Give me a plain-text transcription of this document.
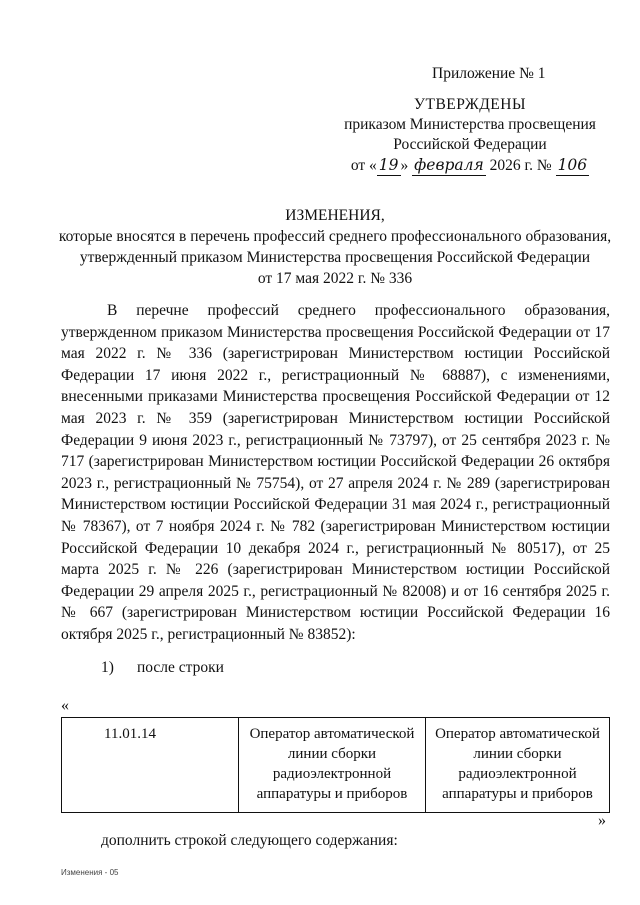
Приложение № 1
УТВЕРЖДЕНЫ
приказом Министерства просвещения
Российской Федерации
от « 19 » февраля 2026 г. № 106
ИЗМЕНЕНИЯ,
которые вносятся в перечень профессий среднего профессионального образования,
утвержденный приказом Министерства просвещения Российской Федерации
от 17 мая 2022 г. № 336
В перечне профессий среднего профессионального образования, утвержденном приказом Министерства просвещения Российской Федерации от 17 мая 2022 г. № 336 (зарегистрирован Министерством юстиции Российской Федерации 17 июня 2022 г., регистрационный № 68887), с изменениями, внесенными приказами Министерства просвещения Российской Федерации от 12 мая 2023 г. № 359 (зарегистрирован Министерством юстиции Российской Федерации 9 июня 2023 г., регистрационный № 73797), от 25 сентября 2023 г. № 717 (зарегистрирован Министерством юстиции Российской Федерации 26 октября 2023 г., регистрационный № 75754), от 27 апреля 2024 г. № 289 (зарегистрирован Министерством юстиции Российской Федерации 31 мая 2024 г., регистрационный № 78367), от 7 ноября 2024 г. № 782 (зарегистрирован Министерством юстиции Российской Федерации 10 декабря 2024 г., регистрационный № 80517), от 25 марта 2025 г. № 226 (зарегистрирован Министерством юстиции Российской Федерации 29 апреля 2025 г., регистрационный № 82008) и от 16 сентября 2025 г. № 667 (зарегистрирован Министерством юстиции Российской Федерации 16 октября 2025 г., регистрационный № 83852):
1) после строки
«
11.01.14	Оператор автоматической линии сборки радиоэлектронной аппаратуры и приборов	Оператор автоматической линии сборки радиоэлектронной аппаратуры и приборов
»
дополнить строкой следующего содержания:
Изменения - 05
